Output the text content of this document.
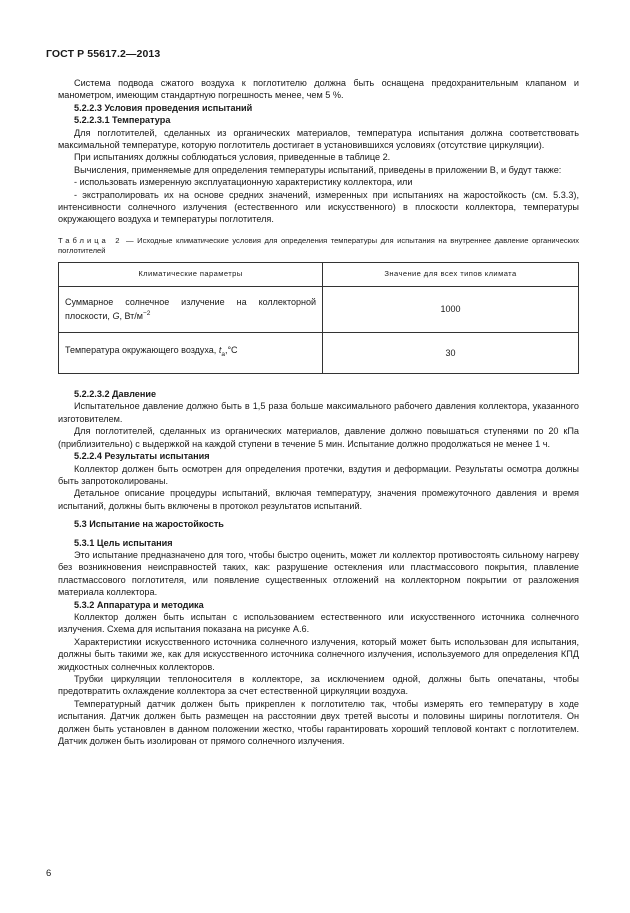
ГОСТ Р 55617.2—2013

Система подвода сжатого воздуха к поглотителю должна быть оснащена предохранительным клапаном и манометром, имеющим стандартную погрешность менее, чем 5 %.

5.2.2.3 Условия проведения испытаний

5.2.2.3.1 Температура

Для поглотителей, сделанных из органических материалов, температура испытания должна соответствовать максимальной температуре, которую поглотитель достигает в установившихся условиях (отсутствие циркуляции).

При испытаниях должны соблюдаться условия, приведенные в таблице 2.

Вычисления, применяемые для определения температуры испытаний, приведены в приложении В, и будут также:

- использовать измеренную эксплуатационную характеристику коллектора, или

- экстраполировать их на основе средних значений, измеренных при испытаниях на жаростойкость (см. 5.3.3), интенсивности солнечного излучения (естественного или искусственного) в плоскости коллектора, температуры окружающего воздуха и температуры поглотителя.

Таблица 2 — Исходные климатические условия для определения температуры для испытания на внутреннее давление органических поглотителей

Климатические параметры	Значение для всех типов климата
Суммарное солнечное излучение на коллекторной плоскости, G, $Вт/м^{-2}$	1000
Температура окружающего воздуха, $t_a,^\circ С$	30

5.2.2.3.2 Давление

Испытательное давление должно быть в 1,5 раза больше максимального рабочего давления коллектора, указанного изготовителем.

Для поглотителей, сделанных из органических материалов, давление должно повышаться ступенями по 20 кПа (приблизительно) с выдержкой на каждой ступени в течение 5 мин. Испытание должно продолжаться не менее 1 ч.

5.2.2.4 Результаты испытания

Коллектор должен быть осмотрен для определения протечки, вздутия и деформации. Результаты осмотра должны быть запротоколированы.

Детальное описание процедуры испытаний, включая температуру, значения промежуточного давления и время испытаний, должны быть включены в протокол результатов испытаний.

5.3 Испытание на жаростойкость

5.3.1 Цель испытания

Это испытание предназначено для того, чтобы быстро оценить, может ли коллектор противостоять сильному нагреву без возникновения неисправностей таких, как: разрушение остекления или пластмассового покрытия, плавление пластмассового поглотителя, или появление существенных отложений на коллекторном покрытии от разложения материала коллектора.

5.3.2 Аппаратура и методика

Коллектор должен быть испытан с использованием естественного или искусственного источника солнечного излучения. Схема для испытания показана на рисунке А.6.

Характеристики искусственного источника солнечного излучения, который может быть использован для испытания, должны быть такими же, как для искусственного источника солнечного излучения, используемого для определения КПД жидкостных солнечных коллекторов.

Трубки циркуляции теплоносителя в коллекторе, за исключением одной, должны быть опечатаны, чтобы предотвратить охлаждение коллектора за счет естественной циркуляции воздуха.

Температурный датчик должен быть прикреплен к поглотителю так, чтобы измерять его температуру в ходе испытания. Датчик должен быть размещен на расстоянии двух третей высоты и половины ширины поглотителя. Он должен быть установлен в данном положении жестко, чтобы гарантировать хороший тепловой контакт с поглотителем. Датчик должен быть изолирован от прямого солнечного излучения.

6
